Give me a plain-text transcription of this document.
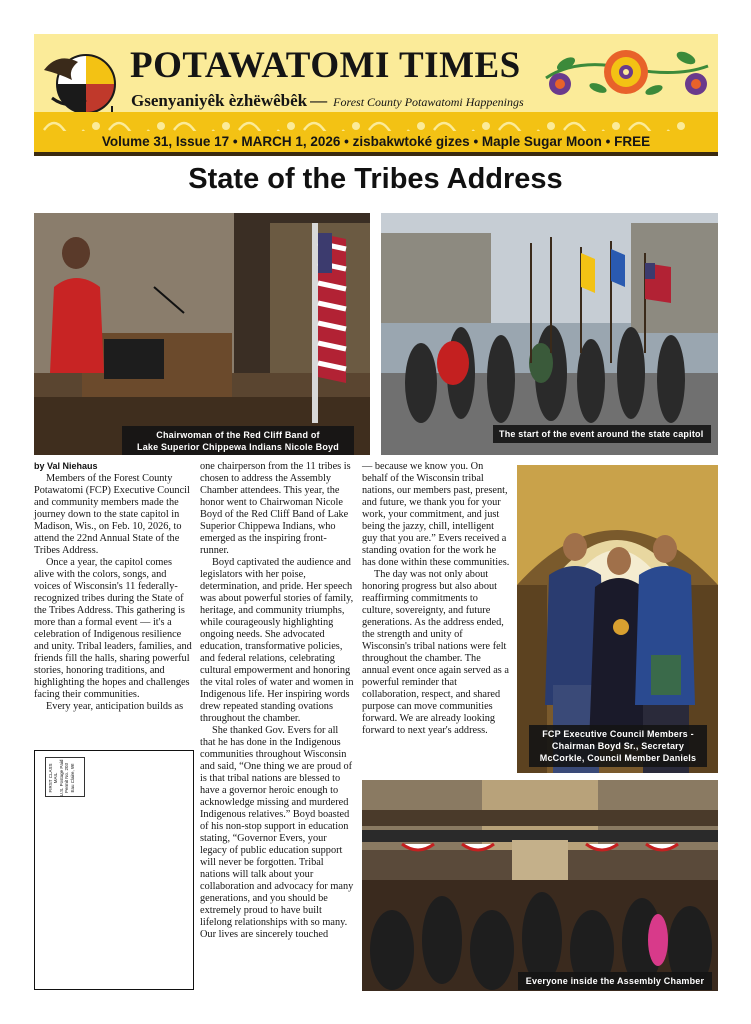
POTAWATOMI TIMES
Gsenyaniyêk èzhëwêbêk — Forest County Potawatomi Happenings
Volume 31, Issue 17 • MARCH 1, 2026 • zisbakwtoké gizes • Maple Sugar Moon • FREE
State of the Tribes Address
Chairwoman of the Red Cliff Band of
Lake Superior Chippewa Indians Nicole Boyd
The start of the event around the state capitol
by Val Niehaus

Members of the Forest County Potawatomi (FCP) Executive Council and community members made the journey down to the state capitol in Madison, Wis., on Feb. 10, 2026, to attend the 22nd Annual State of the Tribes Address.

Once a year, the capitol comes alive with the colors, songs, and voices of Wisconsin's 11 federally-recognized tribes during the State of the Tribes Address. This gathering is more than a formal event — it's a celebration of Indigenous resilience and unity. Tribal leaders, families, and friends fill the halls, sharing powerful stories, honoring traditions, and highlighting the hopes and challenges facing their communities.

Every year, anticipation builds as

one chairperson from the 11 tribes is chosen to address the Assembly Chamber attendees. This year, the honor went to Chairwoman Nicole Boyd of the Red Cliff Band of Lake Superior Chippewa Indians, who emerged as the inspiring front-runner.

Boyd captivated the audience and legislators with her poise, determination, and pride. Her speech was about powerful stories of family, heritage, and community triumphs, while courageously highlighting ongoing needs. She advocated education, transformative policies, and federal relations, celebrating cultural empowerment and honoring the vital roles of water and women in Indigenous life. Her inspiring words drew repeated standing ovations throughout the chamber.

She thanked Gov. Evers for all that he has done in the Indigenous communities throughout Wisconsin and said, “One thing we are proud of is that tribal nations are blessed to have a governor heroic enough to acknowledge missing and murdered Indigenous relatives.” Boyd boasted of his non-stop support in education stating, “Governor Evers, your legacy of public education support will never be forgotten. Tribal nations will talk about your collaboration and advocacy for many generations, and you should be extremely proud to have built lifelong relationships with so many. Our lives are sincerely touched

— because we know you. On behalf of the Wisconsin tribal nations, our members past, present, and future, we thank you for your work, your commitment, and just being the jazzy, chill, intelligent guy that you are.” Evers received a standing ovation for the work he has done within these communities.

The day was not only about honoring progress but also about reaffirming commitments to culture, sovereignty, and future generations. As the address ended, the strength and unity of Wisconsin's tribal nations were felt throughout the chamber. The annual event once again served as a powerful reminder that collaboration, respect, and shared purpose can move communities forward. We are already looking forward to next year's address.

FIRST CLASS MAIL U.S. Postage Paid Permit No. 203 Eau Claire, WI
FCP Executive Council Members -
Chairman Boyd Sr., Secretary
McCorkle, Council Member Daniels
Everyone inside the Assembly Chamber
